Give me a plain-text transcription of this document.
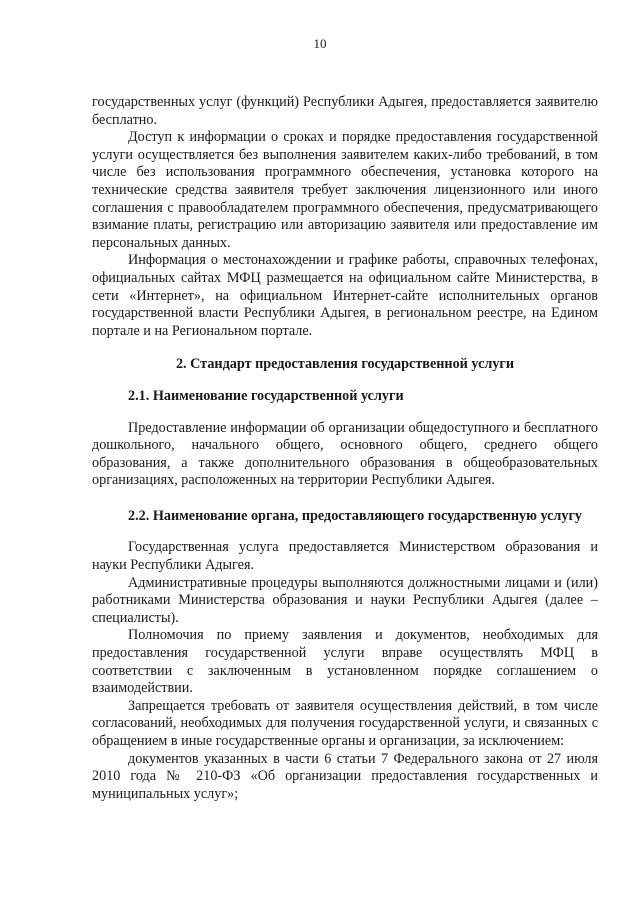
10

государственных услуг (функций) Республики Адыгея, предоставляется заявителю бесплатно.

Доступ к информации о сроках и порядке предоставления государственной услуги осуществляется без выполнения заявителем каких-либо требований, в том числе без использования программного обеспечения, установка которого на технические средства заявителя требует заключения лицензионного или иного соглашения с правообладателем программного обеспечения, предусматривающего взимание платы, регистрацию или авторизацию заявителя или предоставление им персональных данных.

Информация о местонахождении и графике работы, справочных телефонах, официальных сайтах МФЦ размещается на официальном сайте Министерства, в сети «Интернет», на официальном Интернет-сайте исполнительных органов государственной власти Республики Адыгея, в региональном реестре, на Едином портале и на Региональном портале.

2. Стандарт предоставления государственной услуги
2.1. Наименование государственной услуги

Предоставление информации об организации общедоступного и бесплатного дошкольного, начального общего, основного общего, среднего общего образования, а также дополнительного образования в общеобразовательных организациях, расположенных на территории Республики Адыгея.

2.2. Наименование органа, предоставляющего государственную услугу

Государственная услуга предоставляется Министерством образования и науки Республики Адыгея.

Административные процедуры выполняются должностными лицами и (или) работниками Министерства образования и науки Республики Адыгея (далее – специалисты).

Полномочия по приему заявления и документов, необходимых для предоставления государственной услуги вправе осуществлять МФЦ в соответствии с заключенным в установленном порядке соглашением о взаимодействии.

Запрещается требовать от заявителя осуществления действий, в том числе согласований, необходимых для получения государственной услуги, и связанных с обращением в иные государственные органы и организации, за исключением:

документов указанных в части 6 статьи 7 Федерального закона от 27 июля 2010 года № 210-ФЗ «Об организации предоставления государственных и муниципальных услуг»;
